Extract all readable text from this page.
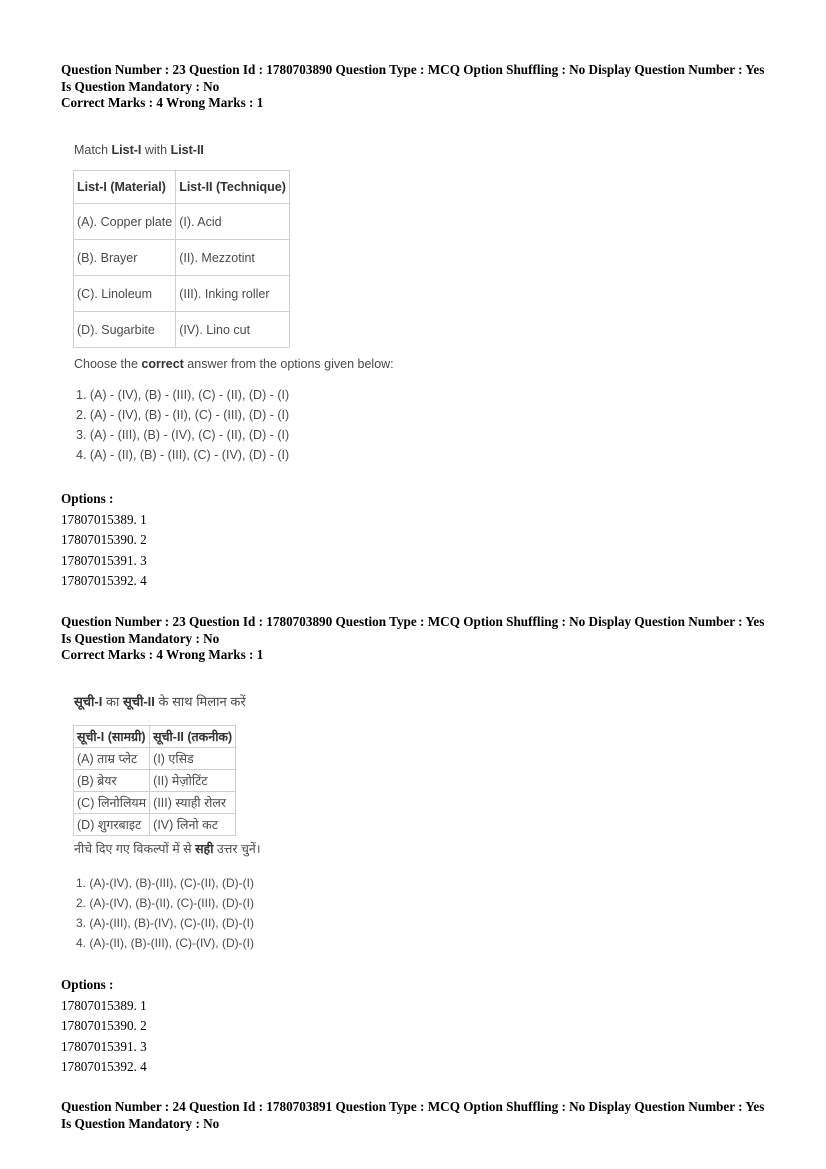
Question Number : 23 Question Id : 1780703890 Question Type : MCQ Option Shuffling : No Display Question Number : Yes
Is Question Mandatory : No
Correct Marks : 4 Wrong Marks : 1
Match List-I with List-II
List-I (Material)	List-II (Technique)
(A). Copper plate	(I). Acid
(B). Brayer	(II). Mezzotint
(C). Linoleum	(III). Inking roller
(D). Sugarbite	(IV). Lino cut
Choose the correct answer from the options given below:
1. (A) - (IV), (B) - (III), (C) - (II), (D) - (I)
2. (A) - (IV), (B) - (II), (C) - (III), (D) - (I)
3. (A) - (III), (B) - (IV), (C) - (II), (D) - (I)
4. (A) - (II), (B) - (III), (C) - (IV), (D) - (I)
Options :
17807015389. 1
17807015390. 2
17807015391. 3
17807015392. 4
Question Number : 23 Question Id : 1780703890 Question Type : MCQ Option Shuffling : No Display Question Number : Yes
Is Question Mandatory : No
Correct Marks : 4 Wrong Marks : 1
सूची-I का सूची-II के साथ मिलान करें
सूची-I (सामग्री)	सूची-II (तकनीक)
(A) ताम्र प्लेट	(I) एसिड
(B) ब्रेयर	(II) मेज़ोटिंट
(C) लिनोलियम	(III) स्याही रोलर
(D) शुगरबाइट	(IV) लिनो कट
नीचे दिए गए विकल्पों में से सही उत्तर चुनें।
1. (A)-(IV), (B)-(III), (C)-(II), (D)-(I)
2. (A)-(IV), (B)-(II), (C)-(III), (D)-(I)
3. (A)-(III), (B)-(IV), (C)-(II), (D)-(I)
4. (A)-(II), (B)-(III), (C)-(IV), (D)-(I)
Options :
17807015389. 1
17807015390. 2
17807015391. 3
17807015392. 4
Question Number : 24 Question Id : 1780703891 Question Type : MCQ Option Shuffling : No Display Question Number : Yes
Is Question Mandatory : No
